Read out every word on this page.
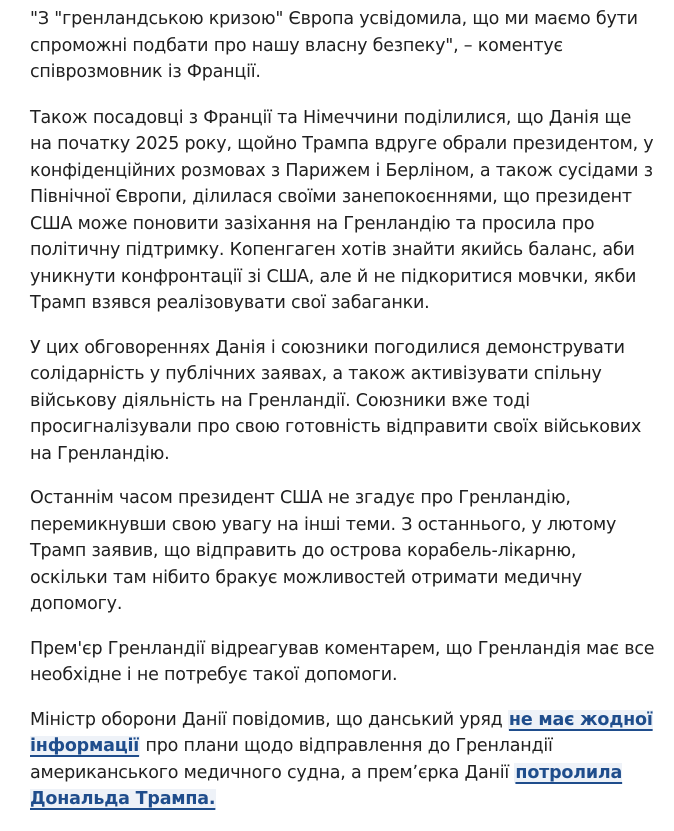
"З "гренландською кризою" Європа усвідомила, що ми маємо бути спроможні подбати про нашу власну безпеку", – коментує співрозмовник із Франції.

Також посадовці з Франції та Німеччини поділилися, що Данія ще на початку 2025 року, щойно Трампа вдруге обрали президентом, у конфіденційних розмовах з Парижем і Берліном, а також сусідами з Північної Європи, ділилася своїми занепокоєннями, що президент США може поновити зазіхання на Гренландію та просила про політичну підтримку. Копенгаген хотів знайти якийсь баланс, аби уникнути конфронтації зі США, але й не підкоритися мовчки, якби Трамп взявся реалізовувати свої забаганки.

У цих обговореннях Данія і союзники погодилися демонструвати солідарність у публічних заявах, а також активізувати спільну військову діяльність на Гренландії. Союзники вже тоді просигналізували про свою готовність відправити своїх військових на Гренландію.

Останнім часом президент США не згадує про Гренландію, перемикнувши свою увагу на інші теми. З останнього, у лютому Трамп заявив, що відправить до острова корабель-лікарню, оскільки там нібито бракує можливостей отримати медичну допомогу.

Прем'єр Гренландії відреагував коментарем, що Гренландія має все необхідне і не потребує такої допомоги.

Міністр оборони Данії повідомив, що данський уряд не має жодної інформації про плани щодо відправлення до Гренландії американського медичного судна, а премʼєрка Данії потролила Дональда Трампа.
